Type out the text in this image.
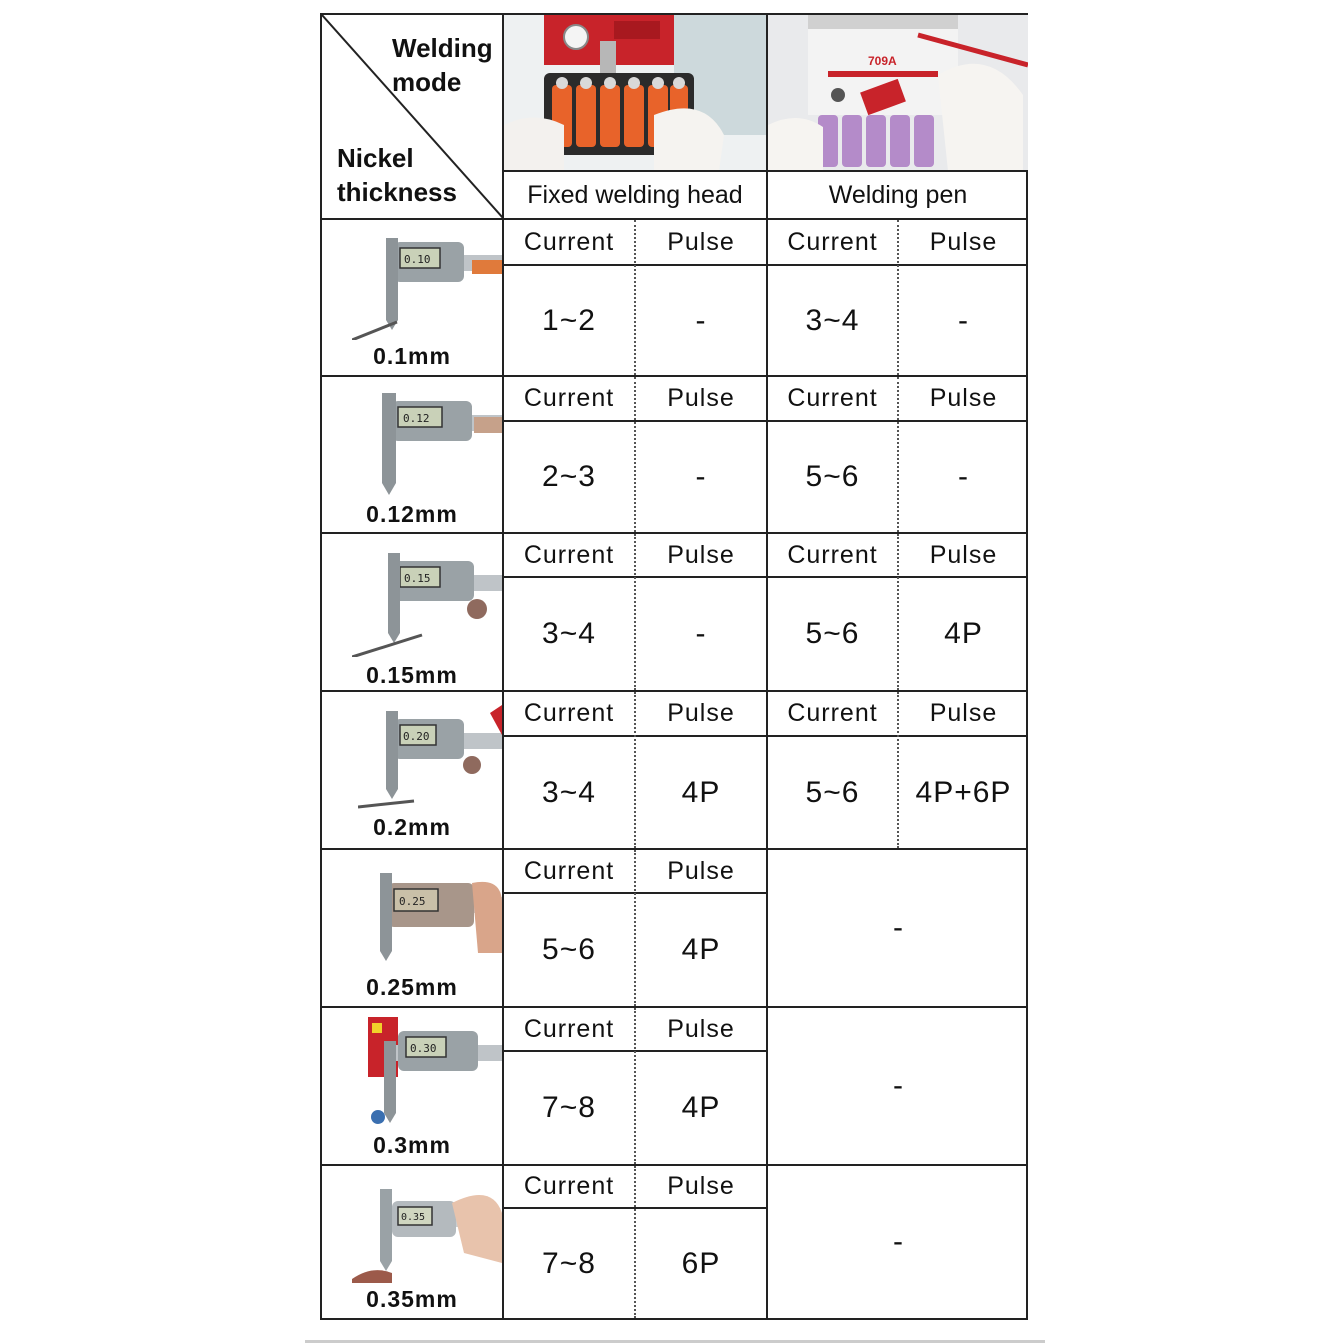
Welding
mode
Nickel
thickness
709A
Fixed welding head	Welding pen
Current	Pulse	Current	Pulse
1~2	-	3~4	-
0.10
0.1mm
Current	Pulse	Current	Pulse
2~3	-	5~6	-
0.12
0.12mm
Current	Pulse	Current	Pulse
3~4	-	5~6	4P
0.15
0.15mm
Current	Pulse	Current	Pulse
3~4	4P	5~6	4P+6P
0.20
0.2mm
Current	Pulse
5~6	4P
-
0.25
0.25mm
Current	Pulse
7~8	4P
-
0.30
0.3mm
Current	Pulse
7~8	6P
-
0.35
0.35mm
